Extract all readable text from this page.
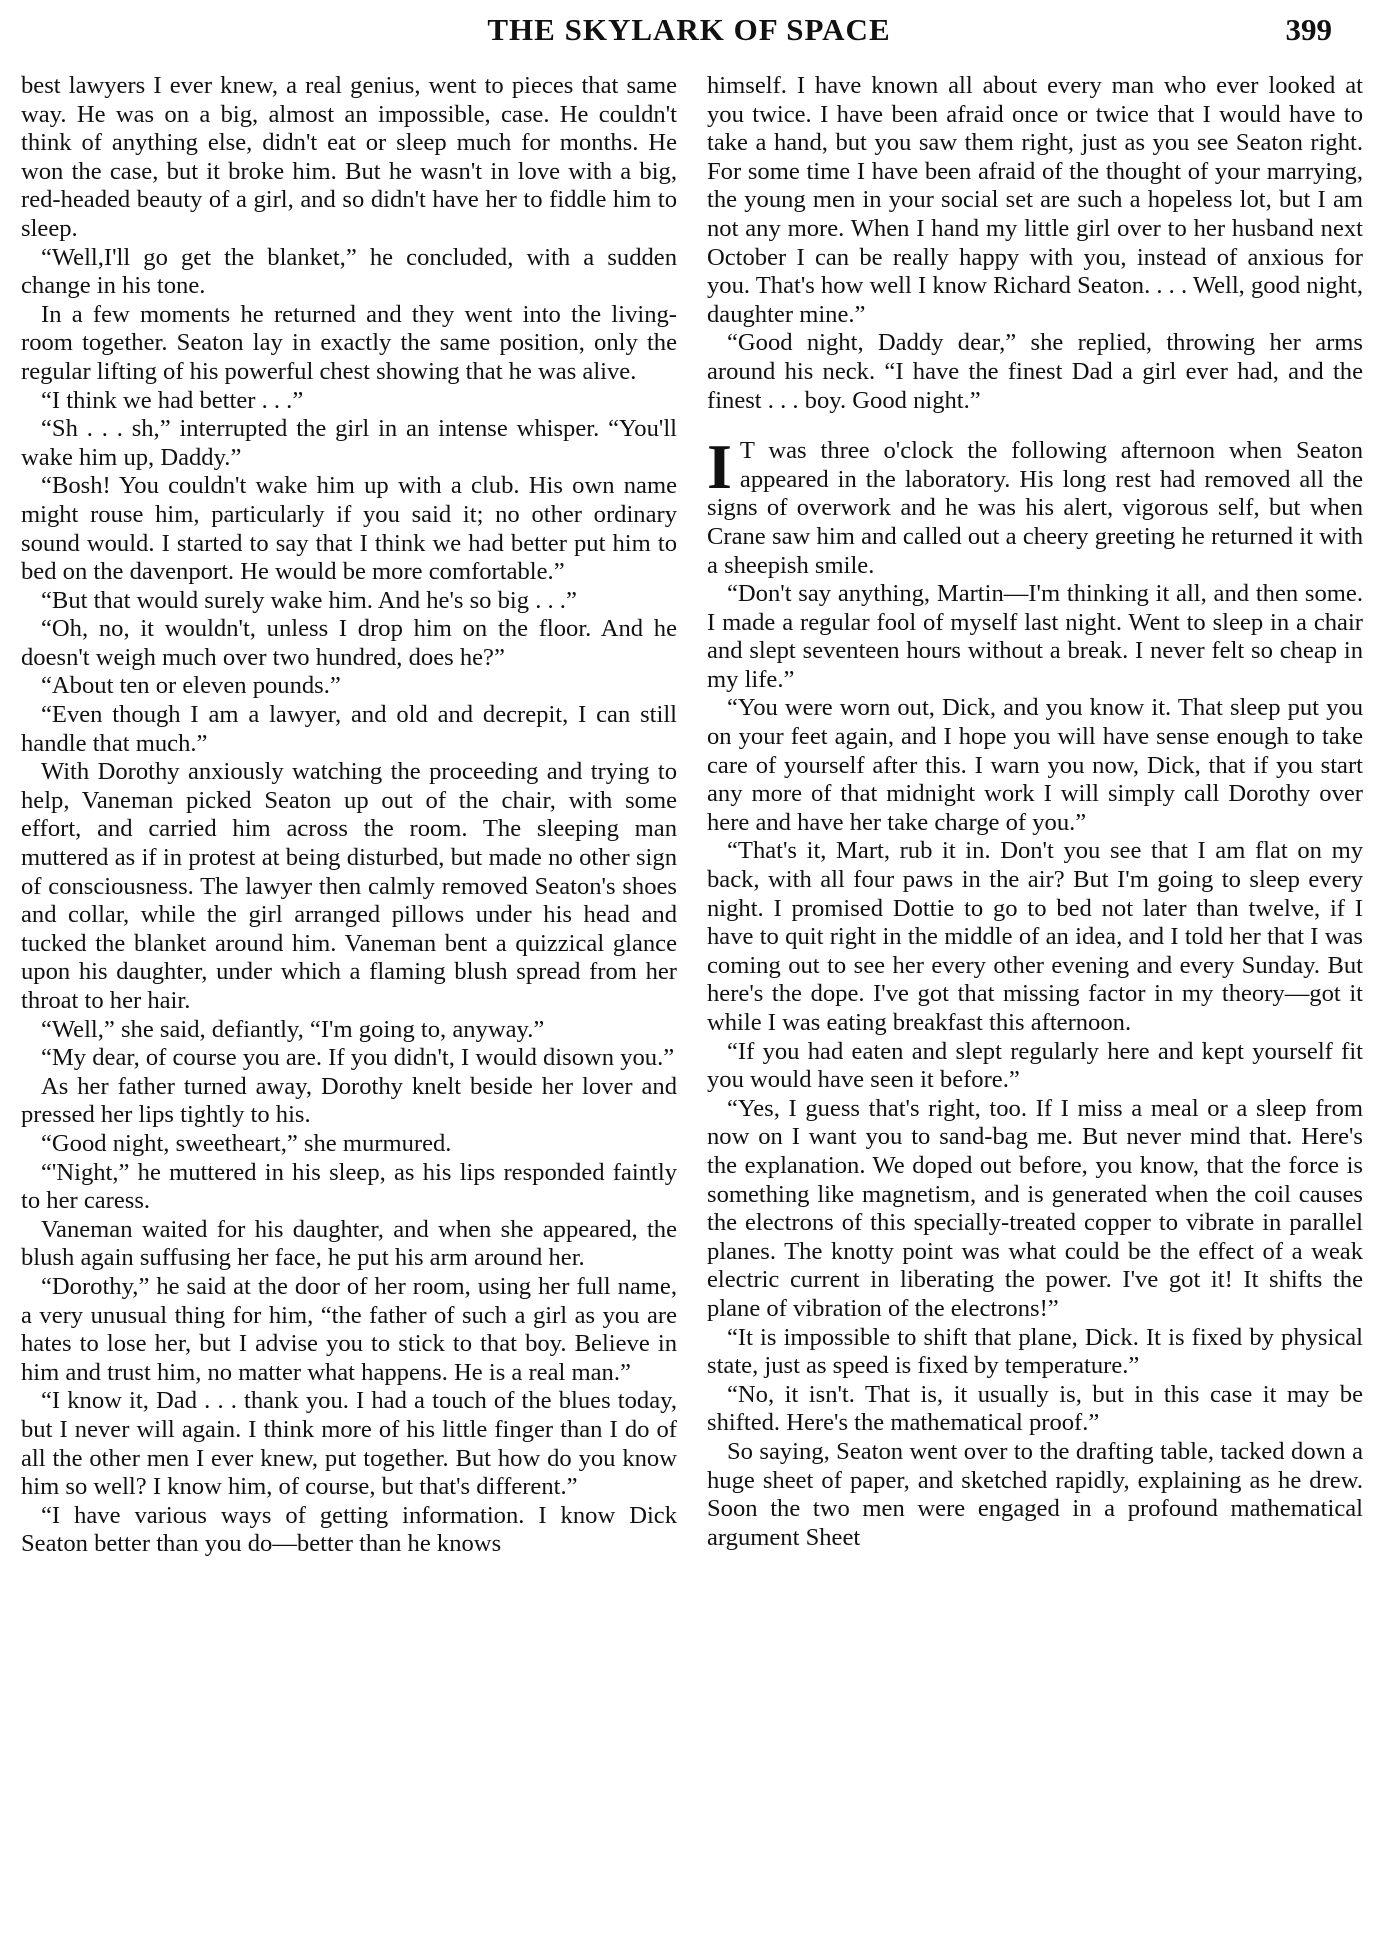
THE SKYLARK OF SPACE	399

best lawyers I ever knew, a real genius, went to pieces that same way. He was on a big, almost an impossible, case. He couldn't think of anything else, didn't eat or sleep much for months. He won the case, but it broke him. But he wasn't in love with a big, red-headed beauty of a girl, and so didn't have her to fiddle him to sleep.

“Well,I'll go get the blanket,” he concluded, with a sudden change in his tone.

In a few moments he returned and they went into the living-room together. Seaton lay in exactly the same position, only the regular lifting of his powerful chest showing that he was alive.

“I think we had better . . .”

“Sh . . . sh,” interrupted the girl in an intense whisper. “You'll wake him up, Daddy.”

“Bosh! You couldn't wake him up with a club. His own name might rouse him, particularly if you said it; no other ordinary sound would. I started to say that I think we had better put him to bed on the davenport. He would be more comfortable.”

“But that would surely wake him. And he's so big . . .”

“Oh, no, it wouldn't, unless I drop him on the floor. And he doesn't weigh much over two hundred, does he?”

“About ten or eleven pounds.”

“Even though I am a lawyer, and old and decrepit, I can still handle that much.”

With Dorothy anxiously watching the proceeding and trying to help, Vaneman picked Seaton up out of the chair, with some effort, and carried him across the room. The sleeping man muttered as if in protest at being disturbed, but made no other sign of consciousness. The lawyer then calmly removed Seaton's shoes and collar, while the girl arranged pillows under his head and tucked the blanket around him. Vaneman bent a quizzical glance upon his daughter, under which a flaming blush spread from her throat to her hair.

“Well,” she said, defiantly, “I'm going to, anyway.”

“My dear, of course you are. If you didn't, I would disown you.”

As her father turned away, Dorothy knelt beside her lover and pressed her lips tightly to his.

“Good night, sweetheart,” she murmured.

“'Night,” he muttered in his sleep, as his lips responded faintly to her caress.

Vaneman waited for his daughter, and when she appeared, the blush again suffusing her face, he put his arm around her.

“Dorothy,” he said at the door of her room, using her full name, a very unusual thing for him, “the father of such a girl as you are hates to lose her, but I advise you to stick to that boy. Believe in him and trust him, no matter what happens. He is a real man.”

“I know it, Dad . . . thank you. I had a touch of the blues today, but I never will again. I think more of his little finger than I do of all the other men I ever knew, put together. But how do you know him so well? I know him, of course, but that's different.”

“I have various ways of getting information. I know Dick Seaton better than you do—better than he knows

himself. I have known all about every man who ever looked at you twice. I have been afraid once or twice that I would have to take a hand, but you saw them right, just as you see Seaton right. For some time I have been afraid of the thought of your marrying, the young men in your social set are such a hopeless lot, but I am not any more. When I hand my little girl over to her husband next October I can be really happy with you, instead of anxious for you. That's how well I know Richard Seaton. . . . Well, good night, daughter mine.”

“Good night, Daddy dear,” she replied, throwing her arms around his neck. “I have the finest Dad a girl ever had, and the finest . . . boy. Good night.”

I T was three o'clock the following afternoon when Seaton appeared in the laboratory. His long rest had removed all the signs of overwork and he was his alert, vigorous self, but when Crane saw him and called out a cheery greeting he returned it with a sheepish smile.

“Don't say anything, Martin—I'm thinking it all, and then some. I made a regular fool of myself last night. Went to sleep in a chair and slept seventeen hours without a break. I never felt so cheap in my life.”

“You were worn out, Dick, and you know it. That sleep put you on your feet again, and I hope you will have sense enough to take care of yourself after this. I warn you now, Dick, that if you start any more of that midnight work I will simply call Dorothy over here and have her take charge of you.”

“That's it, Mart, rub it in. Don't you see that I am flat on my back, with all four paws in the air? But I'm going to sleep every night. I promised Dottie to go to bed not later than twelve, if I have to quit right in the middle of an idea, and I told her that I was coming out to see her every other evening and every Sunday. But here's the dope. I've got that missing factor in my theory—got it while I was eating breakfast this afternoon.

“If you had eaten and slept regularly here and kept yourself fit you would have seen it before.”

“Yes, I guess that's right, too. If I miss a meal or a sleep from now on I want you to sand-bag me. But never mind that. Here's the explanation. We doped out before, you know, that the force is something like magnetism, and is generated when the coil causes the electrons of this specially-treated copper to vibrate in parallel planes. The knotty point was what could be the effect of a weak electric current in liberating the power. I've got it! It shifts the plane of vibration of the electrons!”

“It is impossible to shift that plane, Dick. It is fixed by physical state, just as speed is fixed by temperature.”

“No, it isn't. That is, it usually is, but in this case it may be shifted. Here's the mathematical proof.”

So saying, Seaton went over to the drafting table, tacked down a huge sheet of paper, and sketched rapidly, explaining as he drew. Soon the two men were engaged in a profound mathematical argument Sheet
